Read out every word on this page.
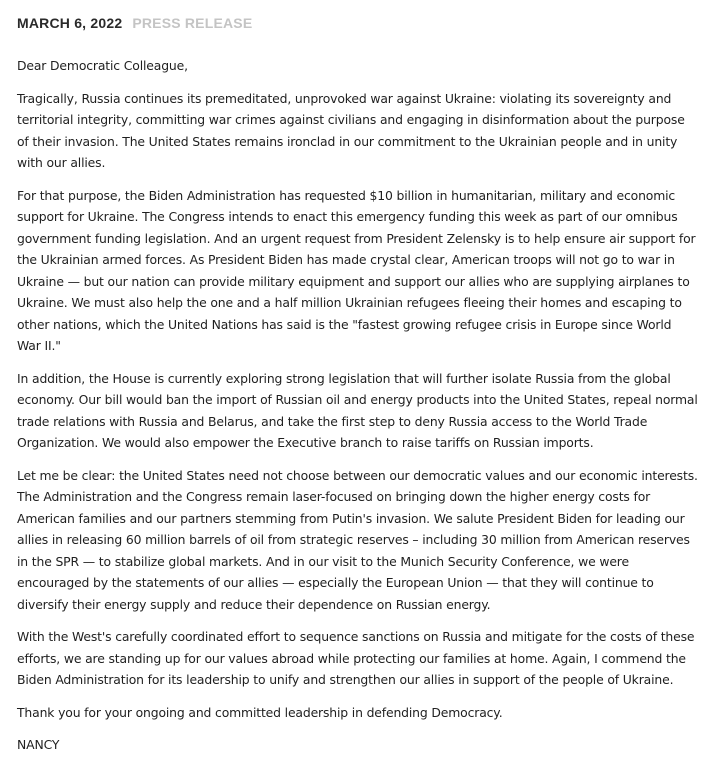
MARCH 6, 2022 PRESS RELEASE

Dear Democratic Colleague,

Tragically, Russia continues its premeditated, unprovoked war against Ukraine: violating its sovereignty and territorial integrity, committing war crimes against civilians and engaging in disinformation about the purpose of their invasion. The United States remains ironclad in our commitment to the Ukrainian people and in unity with our allies.

For that purpose, the Biden Administration has requested $10 billion in humanitarian, military and economic support for Ukraine. The Congress intends to enact this emergency funding this week as part of our omnibus government funding legislation. And an urgent request from President Zelensky is to help ensure air support for the Ukrainian armed forces. As President Biden has made crystal clear, American troops will not go to war in Ukraine — but our nation can provide military equipment and support our allies who are supplying airplanes to Ukraine. We must also help the one and a half million Ukrainian refugees fleeing their homes and escaping to other nations, which the United Nations has said is the "fastest growing refugee crisis in Europe since World War II."

In addition, the House is currently exploring strong legislation that will further isolate Russia from the global economy. Our bill would ban the import of Russian oil and energy products into the United States, repeal normal trade relations with Russia and Belarus, and take the first step to deny Russia access to the World Trade Organization. We would also empower the Executive branch to raise tariffs on Russian imports.

Let me be clear: the United States need not choose between our democratic values and our economic interests. The Administration and the Congress remain laser-focused on bringing down the higher energy costs for American families and our partners stemming from Putin's invasion. We salute President Biden for leading our allies in releasing 60 million barrels of oil from strategic reserves – including 30 million from American reserves in the SPR — to stabilize global markets. And in our visit to the Munich Security Conference, we were encouraged by the statements of our allies — especially the European Union — that they will continue to diversify their energy supply and reduce their dependence on Russian energy.

With the West's carefully coordinated effort to sequence sanctions on Russia and mitigate for the costs of these efforts, we are standing up for our values abroad while protecting our families at home. Again, I commend the Biden Administration for its leadership to unify and strengthen our allies in support of the people of Ukraine.

Thank you for your ongoing and committed leadership in defending Democracy.

NANCY
